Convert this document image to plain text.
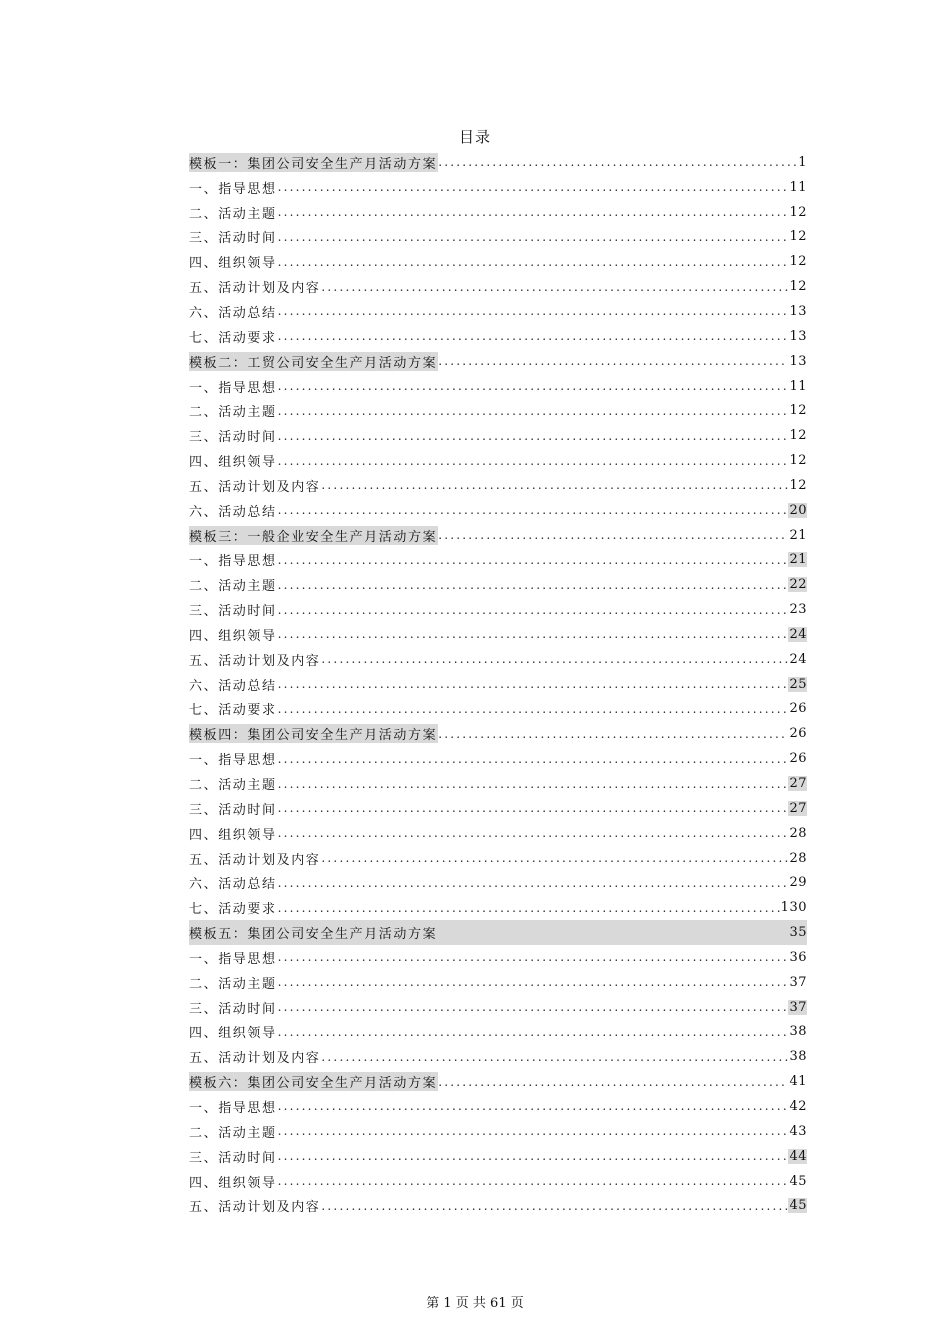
目录
模板一：集团公司安全生产月活动方案 .....	1
一、指导思想 .....	11
二、活动主题 .....	12
三、活动时间 .....	12
四、组织领导 .....	12
五、活动计划及内容 .....	12
六、活动总结 .....	13
七、活动要求 .....	13
模板二：工贸公司安全生产月活动方案 .....	13
一、指导思想 .....	11
二、活动主题 .....	12
三、活动时间 .....	12
四、组织领导 .....	12
五、活动计划及内容 .....	12
六、活动总结 .....	20
模板三：一般企业安全生产月活动方案 .....	21
一、指导思想 .....	21
二、活动主题 .....	22
三、活动时间 .....	23
四、组织领导 .....	24
五、活动计划及内容 .....	24
六、活动总结 .....	25
七、活动要求 .....	26
模板四：集团公司安全生产月活动方案 .....	26
一、指导思想 .....	26
二、活动主题 .....	27
三、活动时间 .....	27
四、组织领导 .....	28
五、活动计划及内容 .....	28
六、活动总结 .....	29
七、活动要求 .....	130
模板五：集团公司安全生产月活动方案	35
一、指导思想 .....	36
二、活动主题 .....	37
三、活动时间 .....	37
四、组织领导 .....	38
五、活动计划及内容 .....	38
模板六：集团公司安全生产月活动方案 .....	41
一、指导思想 .....	42
二、活动主题 .....	43
三、活动时间 .....	44
四、组织领导 .....	45
五、活动计划及内容 .....	45
第 1 页 共 61 页
